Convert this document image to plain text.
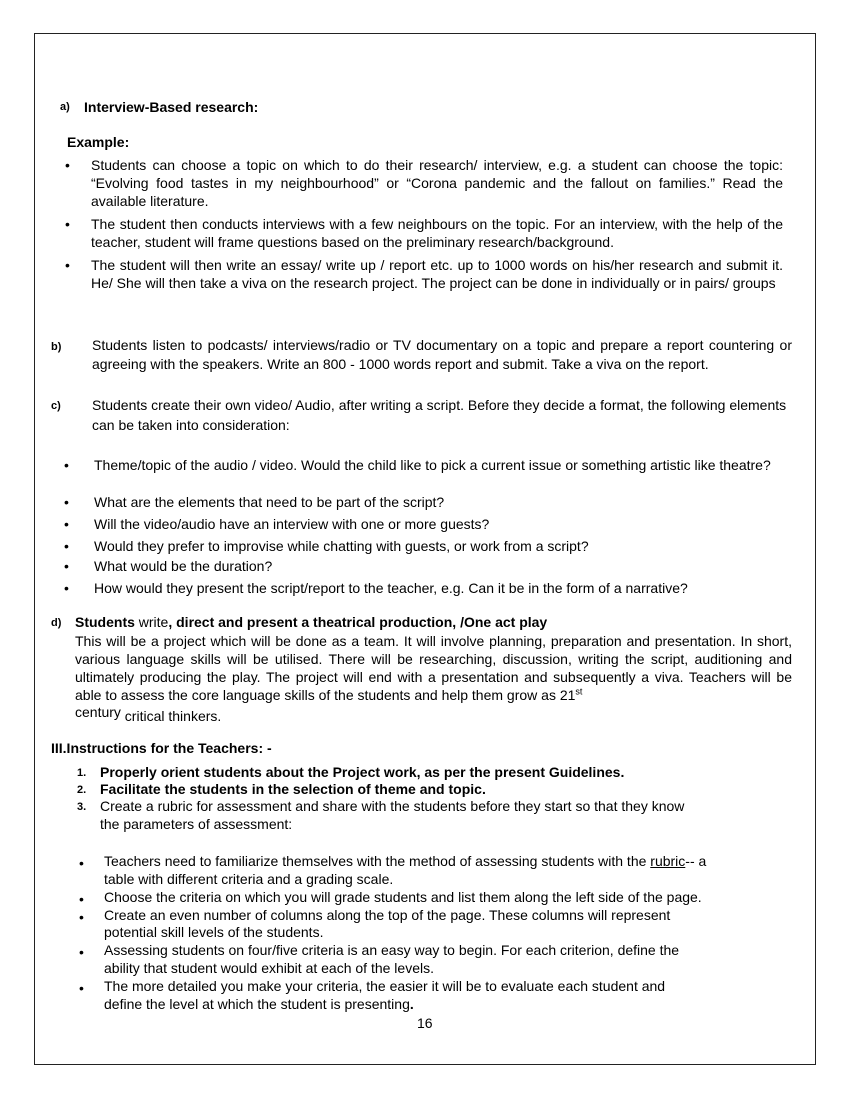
a) Interview-Based research:
Example:
•	Students can choose a topic on which to do their research/ interview, e.g. a student can choose the topic: “Evolving food tastes in my neighbourhood” or “Corona pandemic and the fallout on families.” Read the available literature.
•	The student then conducts interviews with a few neighbours on the topic. For an interview, with the help of the teacher, student will frame questions based on the preliminary research/background.
•	The student will then write an essay/ write up / report etc. up to 1000 words on his/her research and submit it. He/ She will then take a viva on the research project. The project can be done in individually or in pairs/ groups
b) Students listen to podcasts/ interviews/radio or TV documentary on a topic and prepare a report countering or agreeing with the speakers. Write an 800 - 1000 words report and submit. Take a viva on the report.
c) Students create their own video/ Audio, after writing a script. Before they decide a format, the following elements can be taken into consideration:
•	Theme/topic of the audio / video. Would the child like to pick a current issue or something artistic like theatre?
•	What are the elements that need to be part of the script?
•	Will the video/audio have an interview with one or more guests?
•	Would they prefer to improvise while chatting with guests, or work from a script?
•	What would be the duration?
•	How would they present the script/report to the teacher, e.g. Can it be in the form of a narrative?
d) Students write, direct and present a theatrical production, /One act play
This will be a project which will be done as a team. It will involve planning, preparation and presentation. In short, various language skills will be utilised. There will be researching, discussion, writing the script, auditioning and ultimately producing the play. The project will end with a presentation and subsequently a viva. Teachers will be able to assess the core language skills of the students and help them grow as 21st
century critical thinkers.
III.Instructions for the Teachers: -
1. Properly orient students about the Project work, as per the present Guidelines.
2. Facilitate the students in the selection of theme and topic.
3. Create a rubric for assessment and share with the students before they start so that they know
the parameters of assessment:
•	Teachers need to familiarize themselves with the method of assessing students with the rubric-- a
table with different criteria and a grading scale.
•	Choose the criteria on which you will grade students and list them along the left side of the page.
•	Create an even number of columns along the top of the page. These columns will represent
potential skill levels of the students.
•	Assessing students on four/five criteria is an easy way to begin. For each criterion, define the
ability that student would exhibit at each of the levels.
•	The more detailed you make your criteria, the easier it will be to evaluate each student and
define the level at which the student is presenting.
16
